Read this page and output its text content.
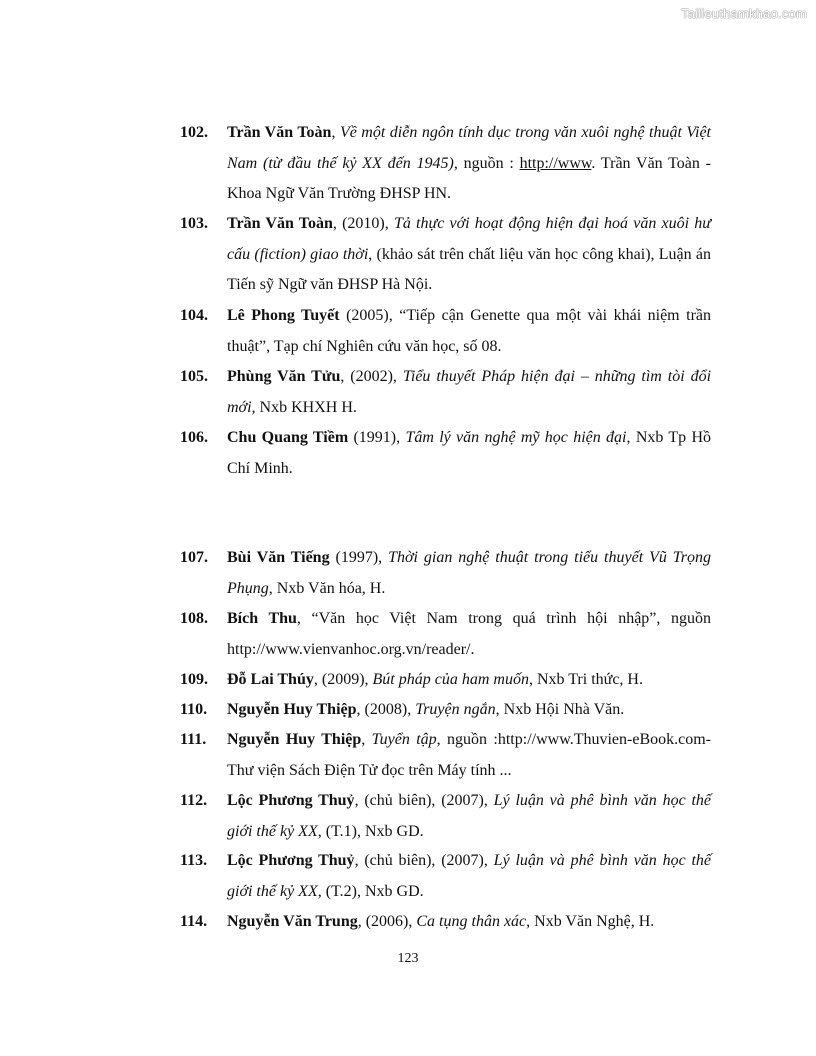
Tailieuthamkhao.com
102. Trần Văn Toàn, Về một diễn ngôn tính dục trong văn xuôi nghệ thuật Việt Nam (từ đầu thế kỷ XX đến 1945), nguồn : http://www. Trần Văn Toàn - Khoa Ngữ Văn Trường ĐHSP HN.
103. Trần Văn Toàn, (2010), Tả thực với hoạt động hiện đại hoá văn xuôi hư cấu (fiction) giao thời, (khảo sát trên chất liệu văn học công khai), Luận án Tiến sỹ Ngữ văn ĐHSP Hà Nội.
104. Lê Phong Tuyết (2005), “Tiếp cận Genette qua một vài khái niệm trần thuật”, Tạp chí Nghiên cứu văn học, số 08.
105. Phùng Văn Tửu, (2002), Tiểu thuyết Pháp hiện đại – những tìm tòi đổi mới, Nxb KHXH H.
106. Chu Quang Tiềm (1991), Tâm lý văn nghệ mỹ học hiện đại, Nxb Tp Hồ Chí Minh.
107. Bùi Văn Tiếng (1997), Thời gian nghệ thuật trong tiểu thuyết Vũ Trọng Phụng, Nxb Văn hóa, H.
108. Bích Thu, “Văn học Việt Nam trong quá trình hội nhập”, nguồn http://www.vienvanhoc.org.vn/reader/.
109. Đỗ Lai Thúy, (2009), Bút pháp của ham muốn, Nxb Tri thức, H.
110. Nguyễn Huy Thiệp, (2008), Truyện ngắn, Nxb Hội Nhà Văn.
111. Nguyễn Huy Thiệp, Tuyển tập, nguồn :http://www.Thuvien-eBook.com- Thư viện Sách Điện Tử đọc trên Máy tính ...
112. Lộc Phương Thuỷ, (chủ biên), (2007), Lý luận và phê bình văn học thế giới thế kỷ XX, (T.1), Nxb GD.
113. Lộc Phương Thuỷ, (chủ biên), (2007), Lý luận và phê bình văn học thế giới thế kỷ XX, (T.2), Nxb GD.
114. Nguyễn Văn Trung, (2006), Ca tụng thân xác, Nxb Văn Nghệ, H.
123
